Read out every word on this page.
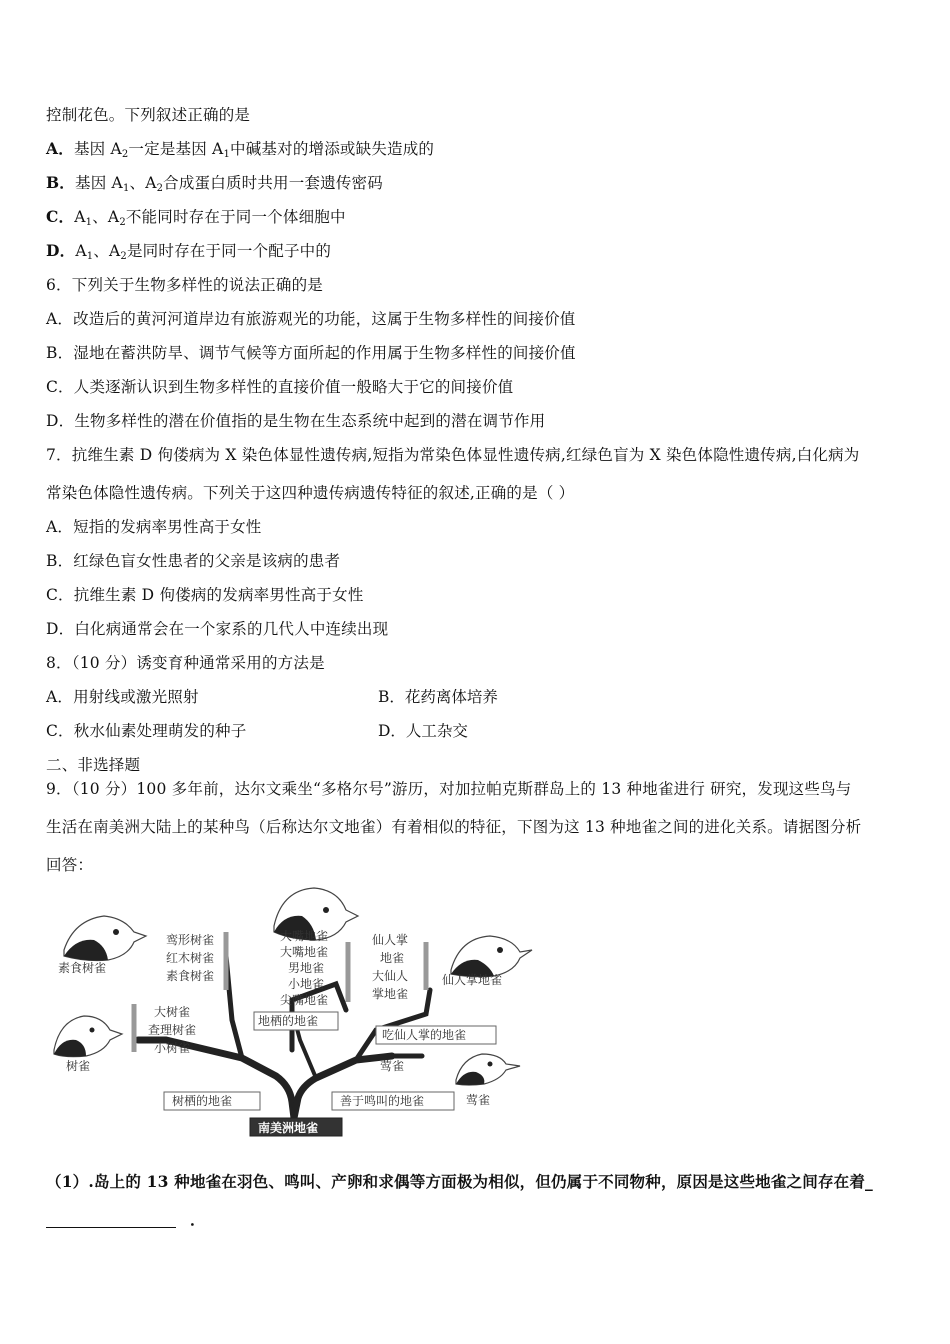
控制花色。下列叙述正确的是
A．基因 $A_2$一定是基因 $A_1$中碱基对的增添或缺失造成的
B．基因 $A_1$、$A_2$合成蛋白质时共用一套遗传密码
C．$A_1$、$A_2$不能同时存在于同一个体细胞中
D．$A_1$、$A_2$是同时存在于同一个配子中的
6．下列关于生物多样性的说法正确的是
A．改造后的黄河河道岸边有旅游观光的功能，这属于生物多样性的间接价值
B．湿地在蓄洪防旱、调节气候等方面所起的作用属于生物多样性的间接价值
C．人类逐渐认识到生物多样性的直接价值一般略大于它的间接价值
D．生物多样性的潜在价值指的是生物在生态系统中起到的潜在调节作用
7．抗维生素 D 佝偻病为 X 染色体显性遗传病,短指为常染色体显性遗传病,红绿色盲为 X 染色体隐性遗传病,白化病为
常染色体隐性遗传病。下列关于这四种遗传病遗传特征的叙述,正确的是（ ）
A．短指的发病率男性高于女性
B．红绿色盲女性患者的父亲是该病的患者
C．抗维生素 D 佝偻病的发病率男性高于女性
D．白化病通常会在一个家系的几代人中连续出现
8．（10 分）诱变育种通常采用的方法是
A．用射线或激光照射	B．花药离体培养
C．秋水仙素处理萌发的种子	D．人工杂交
二、非选择题
9．（10 分）100 多年前，达尔文乘坐“多格尔号”游历，对加拉帕克斯群岛上的 13 种地雀进行 研究，发现这些鸟与
生活在南美洲大陆上的某种鸟（后称达尔文地雀）有着相似的特征，下图为这 13 种地雀之间的进化关系。请据图分析
回答：
素食树雀
仙人掌地雀
树雀
莺雀
鸾形树雀
红木树雀
素食树雀
大树雀
查理树雀
小树雀
大嘴地雀
大嘴地雀
男地雀
小地雀
尖嘴地雀
仙人掌
地雀
大仙人
掌地雀
地栖的地雀
吃仙人掌的地雀
莺雀
树栖的地雀	善于鸣叫的地雀
南美洲地雀
（1）.岛上的 13 种地雀在羽色、鸣叫、产卵和求偶等方面极为相似，但仍属于不同物种，原因是这些地雀之间存在着_
．
